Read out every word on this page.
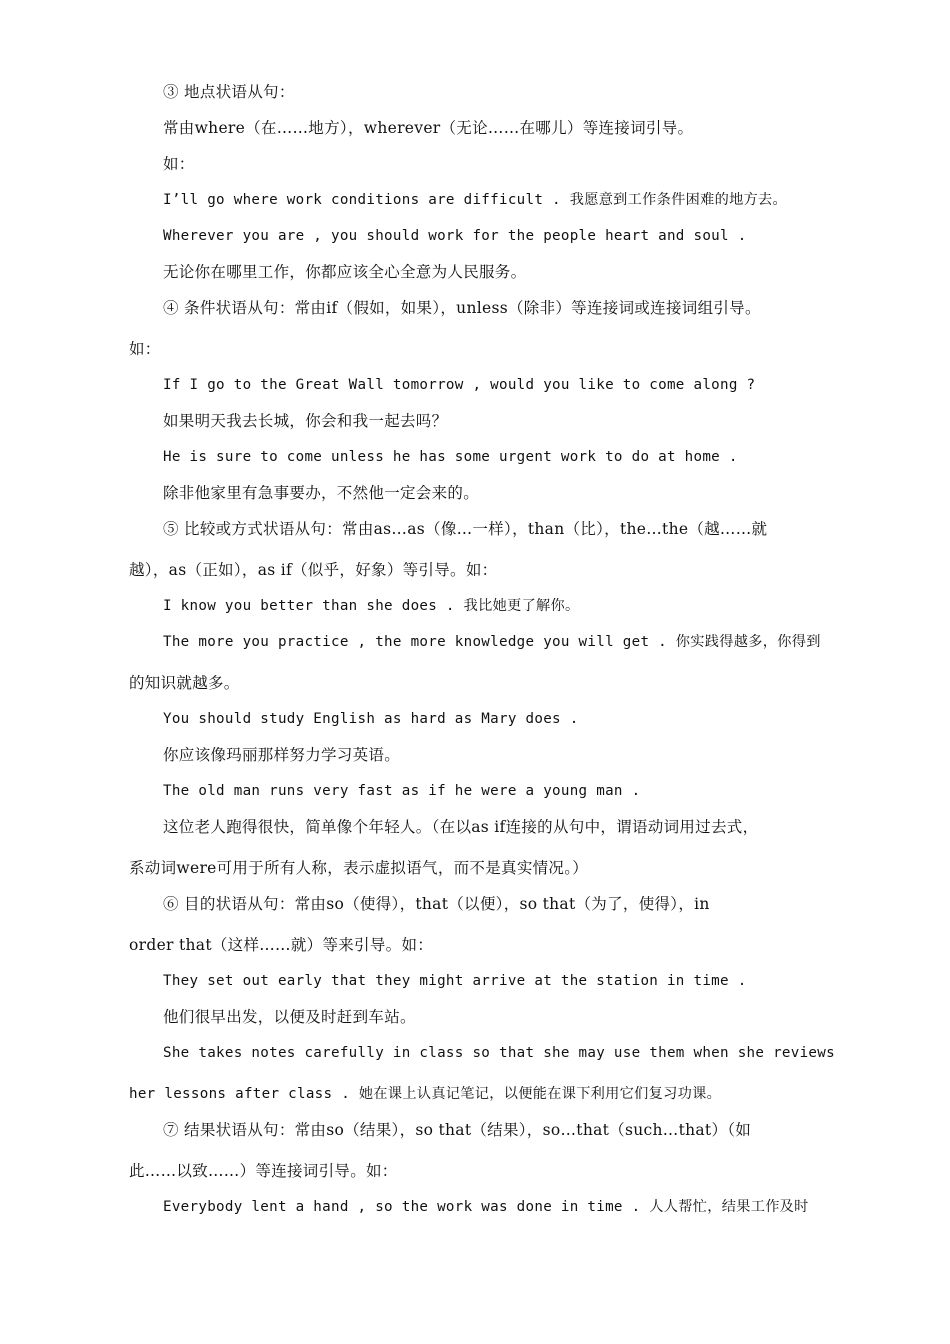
③ 地点状语从句：
常由where（在……地方），wherever（无论……在哪儿）等连接词引导。
如：
I’ll go where work conditions are difficult . 我愿意到工作条件困难的地方去。
Wherever you are , you should work for the people heart and soul .
无论你在哪里工作，你都应该全心全意为人民服务。
④ 条件状语从句：常由if（假如，如果），unless（除非）等连接词或连接词组引导。
如：
If I go to the Great Wall tomorrow , would you like to come along ?
如果明天我去长城，你会和我一起去吗？
He is sure to come unless he has some urgent work to do at home .
除非他家里有急事要办，不然他一定会来的。
⑤ 比较或方式状语从句：常由as…as（像…一样），than（比），the…the（越……就
越），as（正如），as if（似乎，好象）等引导。如：
I know you better than she does . 我比她更了解你。
The more you practice , the more knowledge you will get . 你实践得越多，你得到
的知识就越多。
You should study English as hard as Mary does .
你应该像玛丽那样努力学习英语。
The old man runs very fast as if he were a young man .
这位老人跑得很快，简单像个年轻人。（在以as if连接的从句中，谓语动词用过去式，
系动词were可用于所有人称，表示虚拟语气，而不是真实情况。）
⑥ 目的状语从句：常由so（使得），that（以便），so that（为了，使得），in
order that（这样……就）等来引导。如：
They set out early that they might arrive at the station in time .
他们很早出发，以便及时赶到车站。
She takes notes carefully in class so that she may use them when she reviews
her lessons after class . 她在课上认真记笔记，以便能在课下利用它们复习功课。
⑦ 结果状语从句：常由so（结果），so that（结果），so…that（such…that）（如
此……以致……）等连接词引导。如：
Everybody lent a hand , so the work was done in time . 人人帮忙，结果工作及时
